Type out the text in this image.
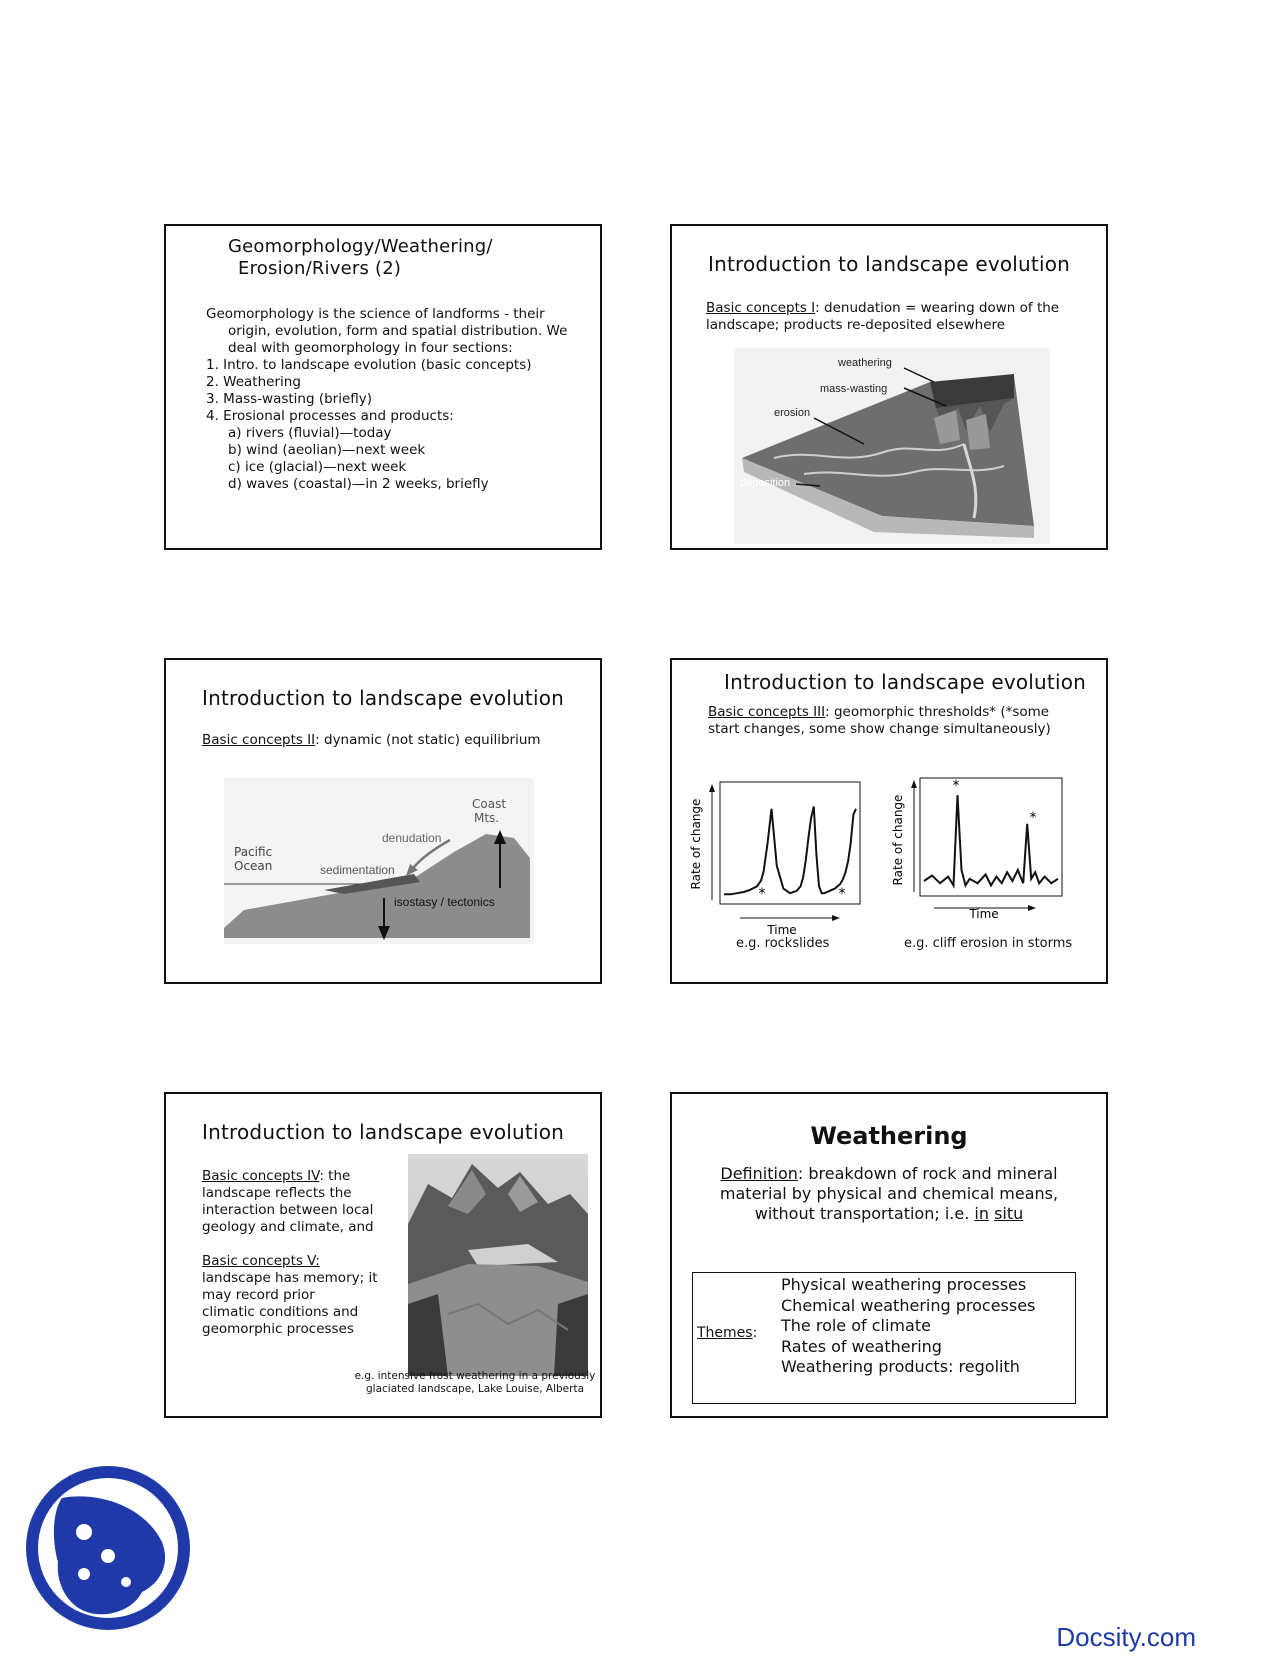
Geomorphology/Weathering/
Erosion/Rivers (2)
Geomorphology is the science of landforms - their
origin, evolution, form and spatial distribution. We
deal with geomorphology in four sections:
1. Intro. to landscape evolution (basic concepts)
2. Weathering
3. Mass-wasting (briefly)
4. Erosional processes and products:
a) rivers (fluvial)—today
b) wind (aeolian)—next week
c) ice (glacial)—next week
d) waves (coastal)—in 2 weeks, briefly
Introduction to landscape evolution
Basic concepts I: denudation = wearing down of the
landscape; products re-deposited elsewhere
weathering
mass-wasting
erosion
deposition
Introduction to landscape evolution
Basic concepts II: dynamic (not static) equilibrium
Coast
Mts.
denudation
Pacific
Ocean	sedimentation
isostasy / tectonics
Introduction to landscape evolution
Basic concepts III: geomorphic thresholds* (*some
start changes, some show change simultaneously)
Time
Rate of change
*	*
e.g. rockslides
Time
Rate of change
*
*
e.g. cliff erosion in storms
Introduction to landscape evolution
Basic concepts IV: the
landscape reflects the
interaction between local
geology and climate, and

Basic concepts V:
landscape has memory; it
may record prior
climatic conditions and
geomorphic processes
e.g. intensive frost weathering in a previously
glaciated landscape, Lake Louise, Alberta
Weathering
Definition: breakdown of rock and mineral
material by physical and chemical means,
without transportation; i.e. in situ
Themes:
Physical weathering processes
Chemical weathering processes
The role of climate
Rates of weathering
Weathering products: regolith
Docsity.com
